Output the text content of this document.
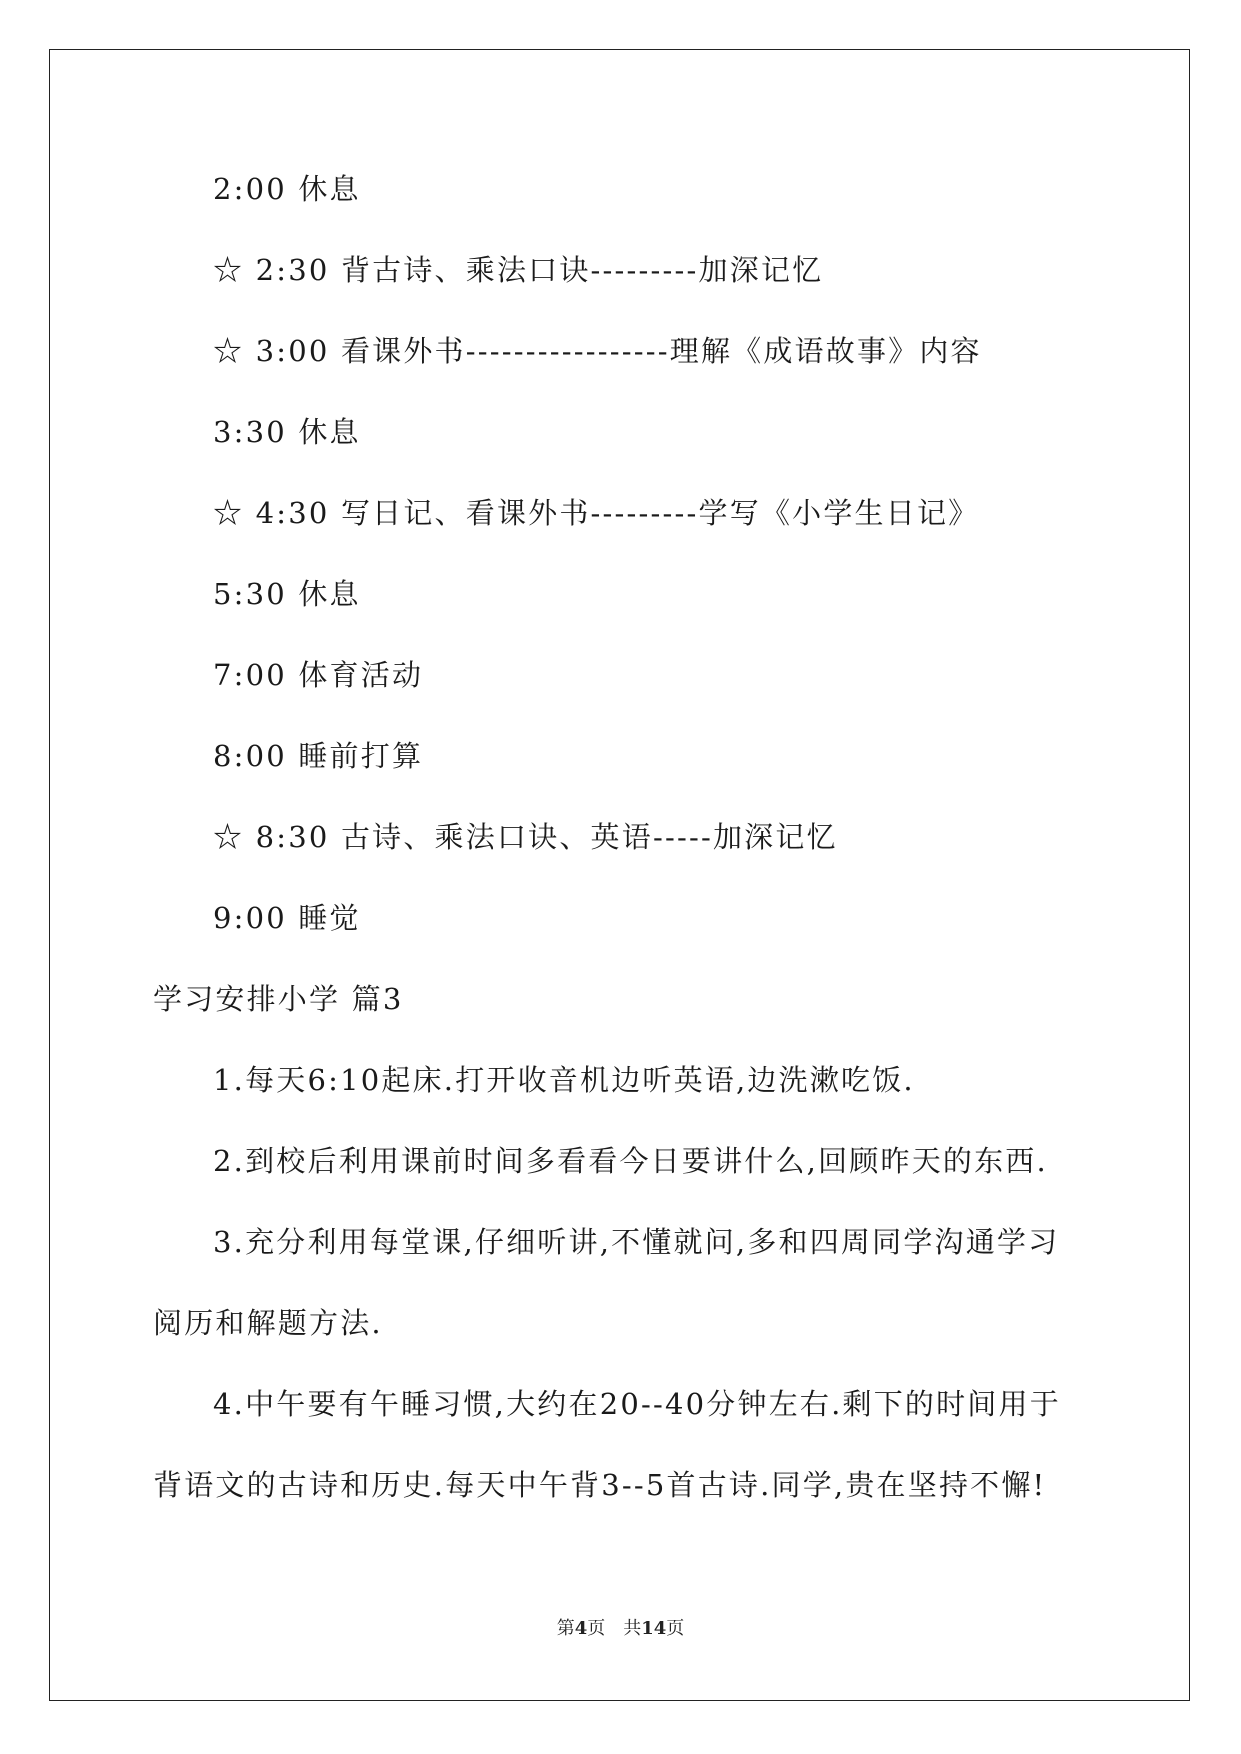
2:00 休息
☆ 2:30 背古诗、乘法口诀---------加深记忆
☆ 3:00 看课外书-----------------理解《成语故事》内容
3:30 休息
☆ 4:30 写日记、看课外书---------学写《小学生日记》
5:30 休息
7:00 体育活动
8:00 睡前打算
☆ 8:30 古诗、乘法口诀、英语-----加深记忆
9:00 睡觉
学习安排小学 篇3
1.每天6:10起床.打开收音机边听英语,边洗漱吃饭.
2.到校后利用课前时间多看看今日要讲什么,回顾昨天的东西.
3.充分利用每堂课,仔细听讲,不懂就问,多和四周同学沟通学习
阅历和解题方法.
4.中午要有午睡习惯,大约在20--40分钟左右.剩下的时间用于
背语文的古诗和历史.每天中午背3--5首古诗.同学,贵在坚持不懈!
第4页 共14页
